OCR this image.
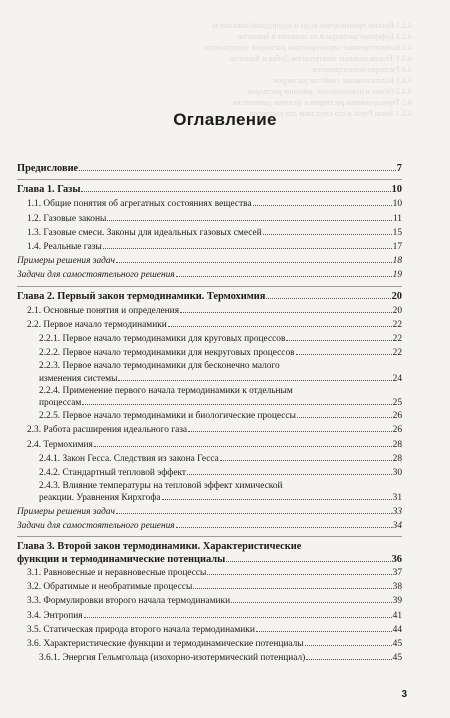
4.2.1 Ионное произведение воды и водородный показатель
4.2.2 Буферные растворы и их значение в биологии
4.3 Количественные характеристики растворов электролитов
4.3.1 Теория сильных электролитов Дебая и Хюккеля
4.4 Растворы неэлектролитов
4.4.1 Коллигативные свойства растворов
4.4.2 Осмос и осмотическое давление растворов
4.5 Термодинамика растворов и фазовые равновесия
4.5.1 Закон Рауля и его следствия для растворов
Оглавление
Предисловие	7
Глава 1. Газы	10
1.1. Общие понятия об агрегатных состояниях вещества	10
1.2. Газовые законы	11
1.3. Газовые смеси. Законы для идеальных газовых смесей	15
1.4. Реальные газы	17
Примеры решения задач	18
Задачи для самостоятельного решения	19
Глава 2. Первый закон термодинамики. Термохимия	20
2.1. Основные понятия и определения	20
2.2. Первое начало термодинамики	22
2.2.1. Первое начало термодинамики для круговых процессов	22
2.2.2. Первое начало термодинамики для некруговых процессов	22
2.2.3. Первое начало термодинамики для бесконечно малого
изменения системы	24
2.2.4. Применение первого начала термодинамики к отдельным
процессам	25
2.2.5. Первое начало термодинамики и биологические процессы	26
2.3. Работа расширения идеального газа	26
2.4. Термохимия	28
2.4.1. Закон Гесса. Следствия из закона Гесса	28
2.4.2. Стандартный тепловой эффект	30
2.4.3. Влияние температуры на тепловой эффект химической
реакции. Уравнения Кирхгофа	31
Примеры решения задач	33
Задачи для самостоятельного решения	34
Глава 3. Второй закон термодинамики. Характеристические
функции и термодинамические потенциалы	36
3.1. Равновесные и неравновесные процессы	37
3.2. Обратимые и необратимые процессы	38
3.3. Формулировки второго начала термодинамики	39
3.4. Энтропия	41
3.5. Статическая природа второго начала термодинамики	44
3.6. Характеристические функции и термодинамические потенциалы	45
3.6.1. Энергия Гельмгольца (изохорно-изотермический потенциал)	45
3
